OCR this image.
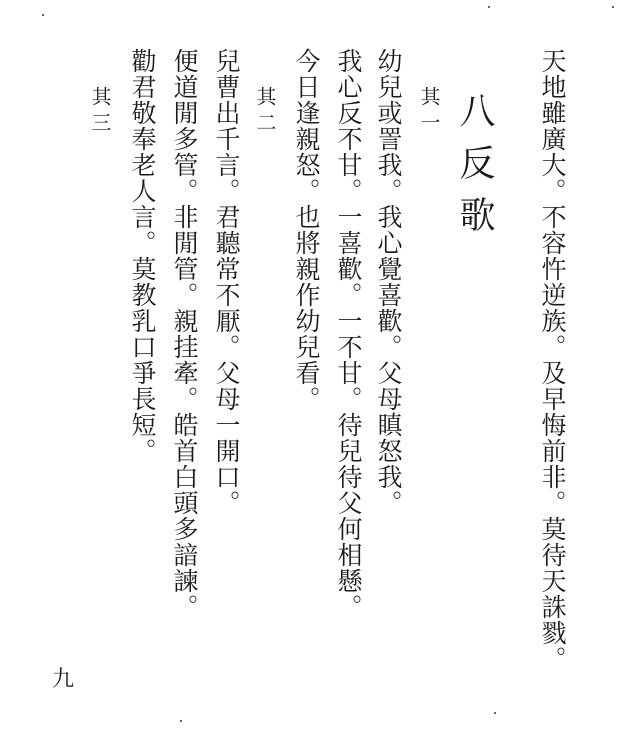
天地雖廣大。不容忤逆族。及早悔前非。莫待天誅戮。
八反歌
其一
幼兒或詈我。我心覺喜歡。父母瞋怒我。
我心反不甘。一喜歡。一不甘。待兒待父何相懸。
今日逢親怒。也將親作幼兒看。
其二
兒曹出千言。君聽常不厭。父母一開口。
便道閒多管。非閒管。親挂牽。皓首白頭多諳諫。
勸君敬奉老人言。莫教乳口爭長短。
其三
九
